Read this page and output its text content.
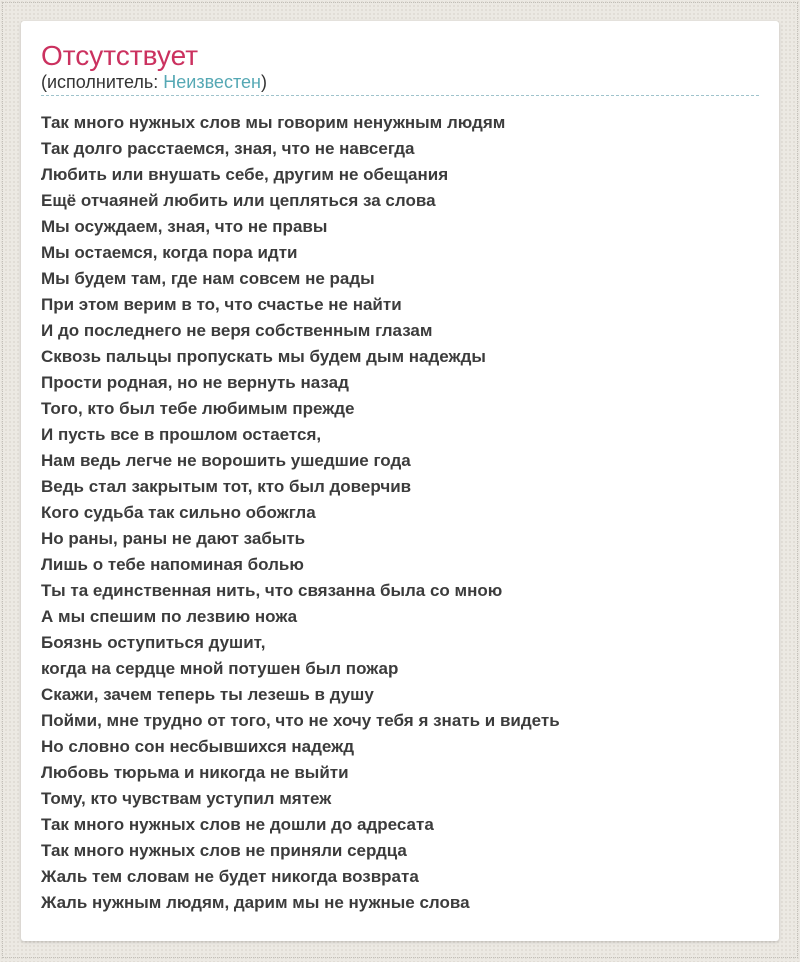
Отсутствует
(исполнитель: Неизвестен)
Так много нужных слов мы говорим ненужным людям
Так долго расстаемся, зная, что не навсегда
Любить или внушать себе, другим не обещания
Ещё отчаяней любить или цепляться за слова
Мы осуждаем, зная, что не правы
Мы остаемся, когда пора идти
Мы будем там, где нам совсем не рады
При этом верим в то, что счастье не найти
И до последнего не веря собственным глазам
Сквозь пальцы пропускать мы будем дым надежды
Прости родная, но не вернуть назад
Того, кто был тебе любимым прежде
И пусть все в прошлом остается,
Нам ведь легче не ворошить ушедшие года
Ведь стал закрытым тот, кто был доверчив
Кого судьба так сильно обожгла
Но раны, раны не дают забыть
Лишь о тебе напоминая болью
Ты та единственная нить, что связанна была со мною
А мы спешим по лезвию ножа
Боязнь оступиться душит,
когда на сердце мной потушен был пожар
Скажи, зачем теперь ты лезешь в душу
Пойми, мне трудно от того, что не хочу тебя я знать и видеть
Но словно сон несбывшихся надежд
Любовь тюрьма и никогда не выйти
Тому, кто чувствам уступил мятеж
Так много нужных слов не дошли до адресата
Так много нужных слов не приняли сердца
Жаль тем словам не будет никогда возврата
Жаль нужным людям, дарим мы не нужные слова
